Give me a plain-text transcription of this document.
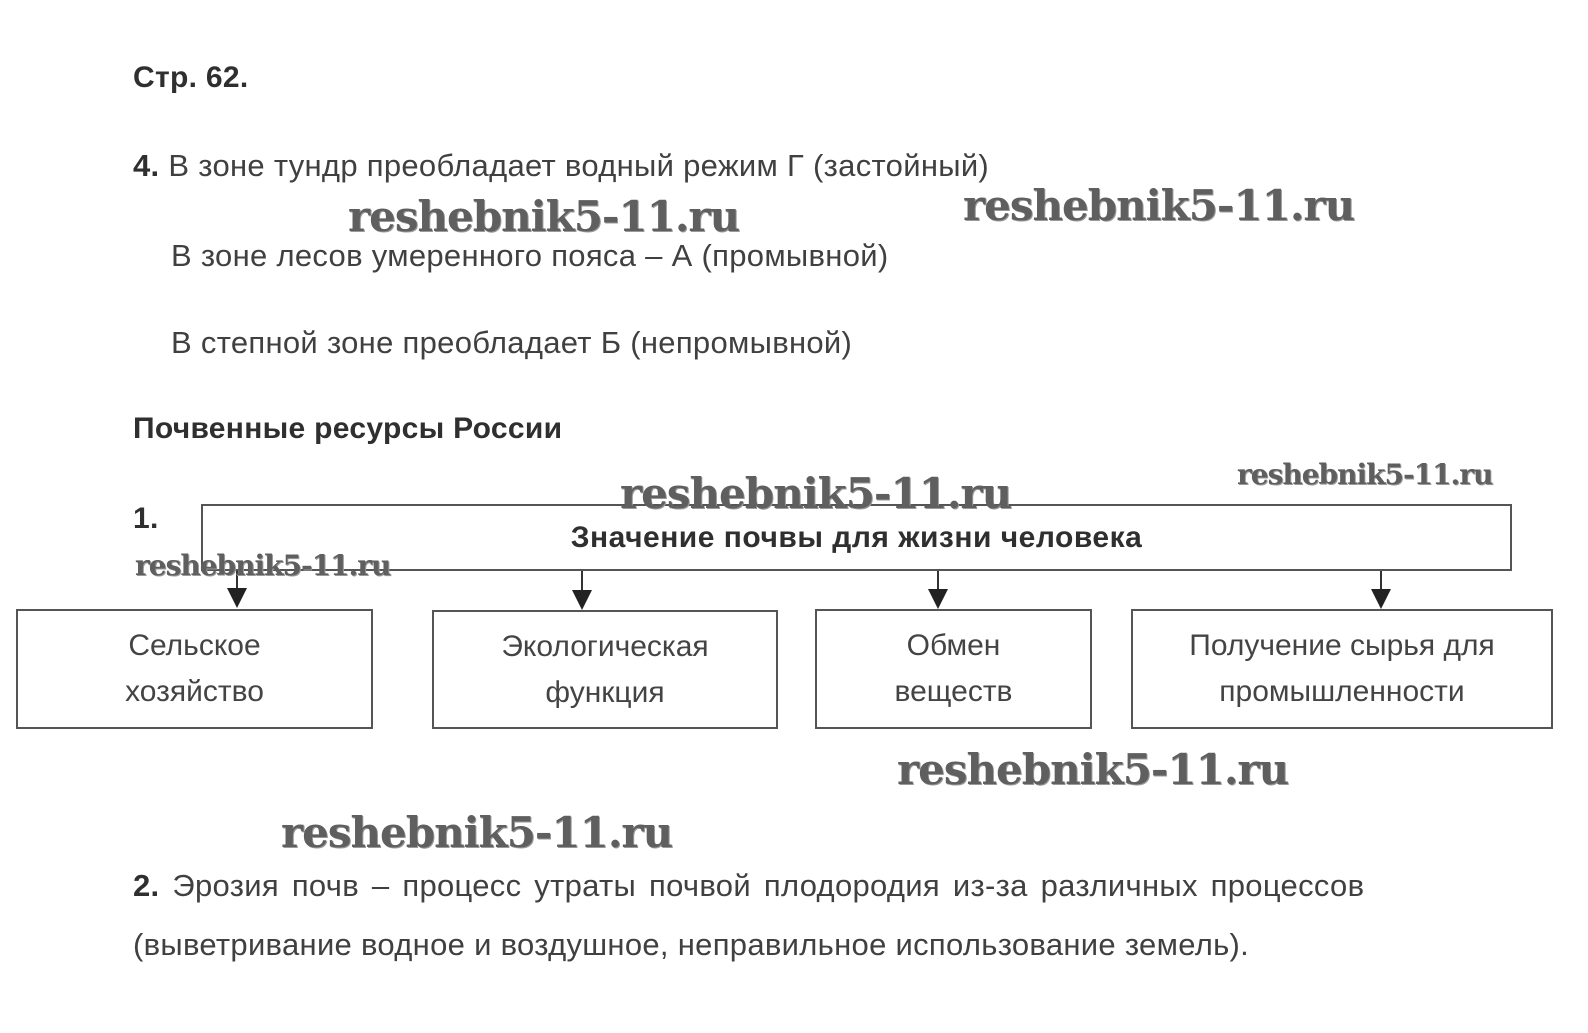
Стр. 62.
4. В зоне тундр преобладает водный режим Г (застойный)
В зоне лесов умеренного пояса – А (промывной)
В степной зоне преобладает Б (непромывной)
Почвенные ресурсы России
1.
Значение почвы для жизни человека
Сельское
хозяйство
Экологическая
функция
Обмен
веществ
Получение сырья для
промышленности
2. Эрозия почв – процесс утраты почвой плодородия из-за различных процессов
(выветривание водное и воздушное, неправильное использование земель).
reshebnik5-11.ru	reshebnik5-11.ru
reshebnik5-11.ru	reshebnik5-11.ru
reshebnik5-11.ru
reshebnik5-11.ru
reshebnik5-11.ru
